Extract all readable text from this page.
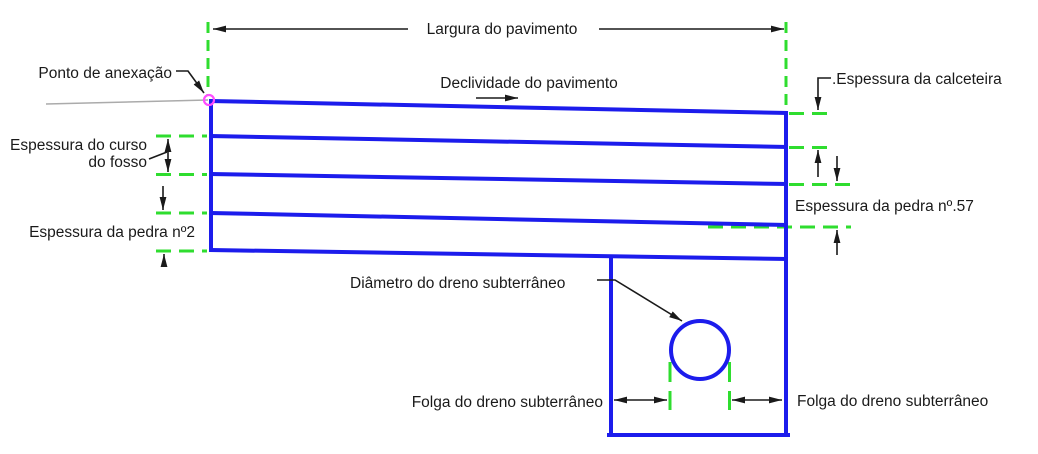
Largura do pavimento
Declividade do pavimento
Ponto de anexação	.Espessura da calceteira
Espessura do curso
do fosso
Espessura da pedra nº2
Espessura da pedra nº.57
Diâmetro do dreno subterrâneo
Folga do dreno subterrâneo	Folga do dreno subterrâneo
